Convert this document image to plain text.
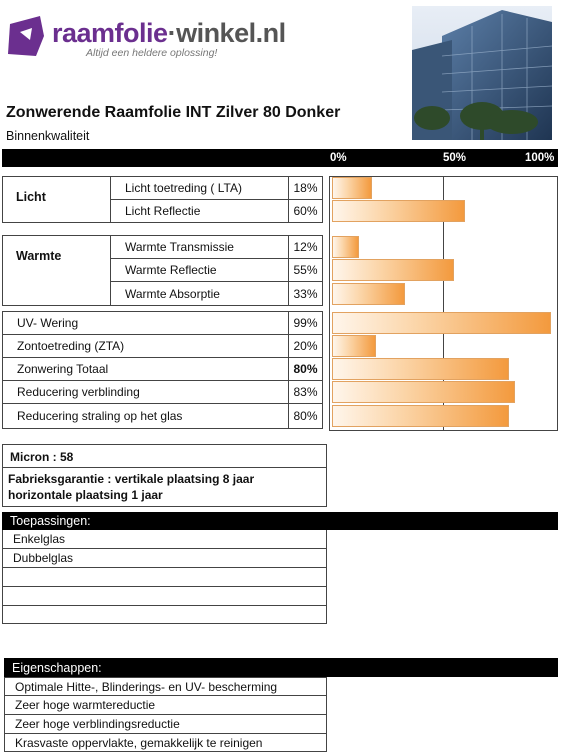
raamfolie·winkel.nl
Altijd een heldere oplossing!
Zonwerende Raamfolie INT Zilver 80 Donker
Binnenkwaliteit
0%	50%	100%
Licht
Licht toetreding ( LTA)	18%
Licht Reflectie	60%
Warmte
Warmte Transmissie	12%
Warmte Reflectie	55%
Warmte Absorptie	33%
UV- Wering	99%
Zontoetreding (ZTA)	20%
Zonwering Totaal	80%
Reducering verblinding	83%
Reducering straling op het glas	80%
Micron : 58
Fabrieksgarantie : vertikale plaatsing 8 jaar
horizontale plaatsing 1 jaar
Toepassingen:
Enkelglas
Dubbelglas
Eigenschappen:
Optimale Hitte-, Blinderings- en UV- bescherming
Zeer hoge warmtereductie
Zeer hoge verblindingsreductie
Krasvaste oppervlakte, gemakkelijk te reinigen
